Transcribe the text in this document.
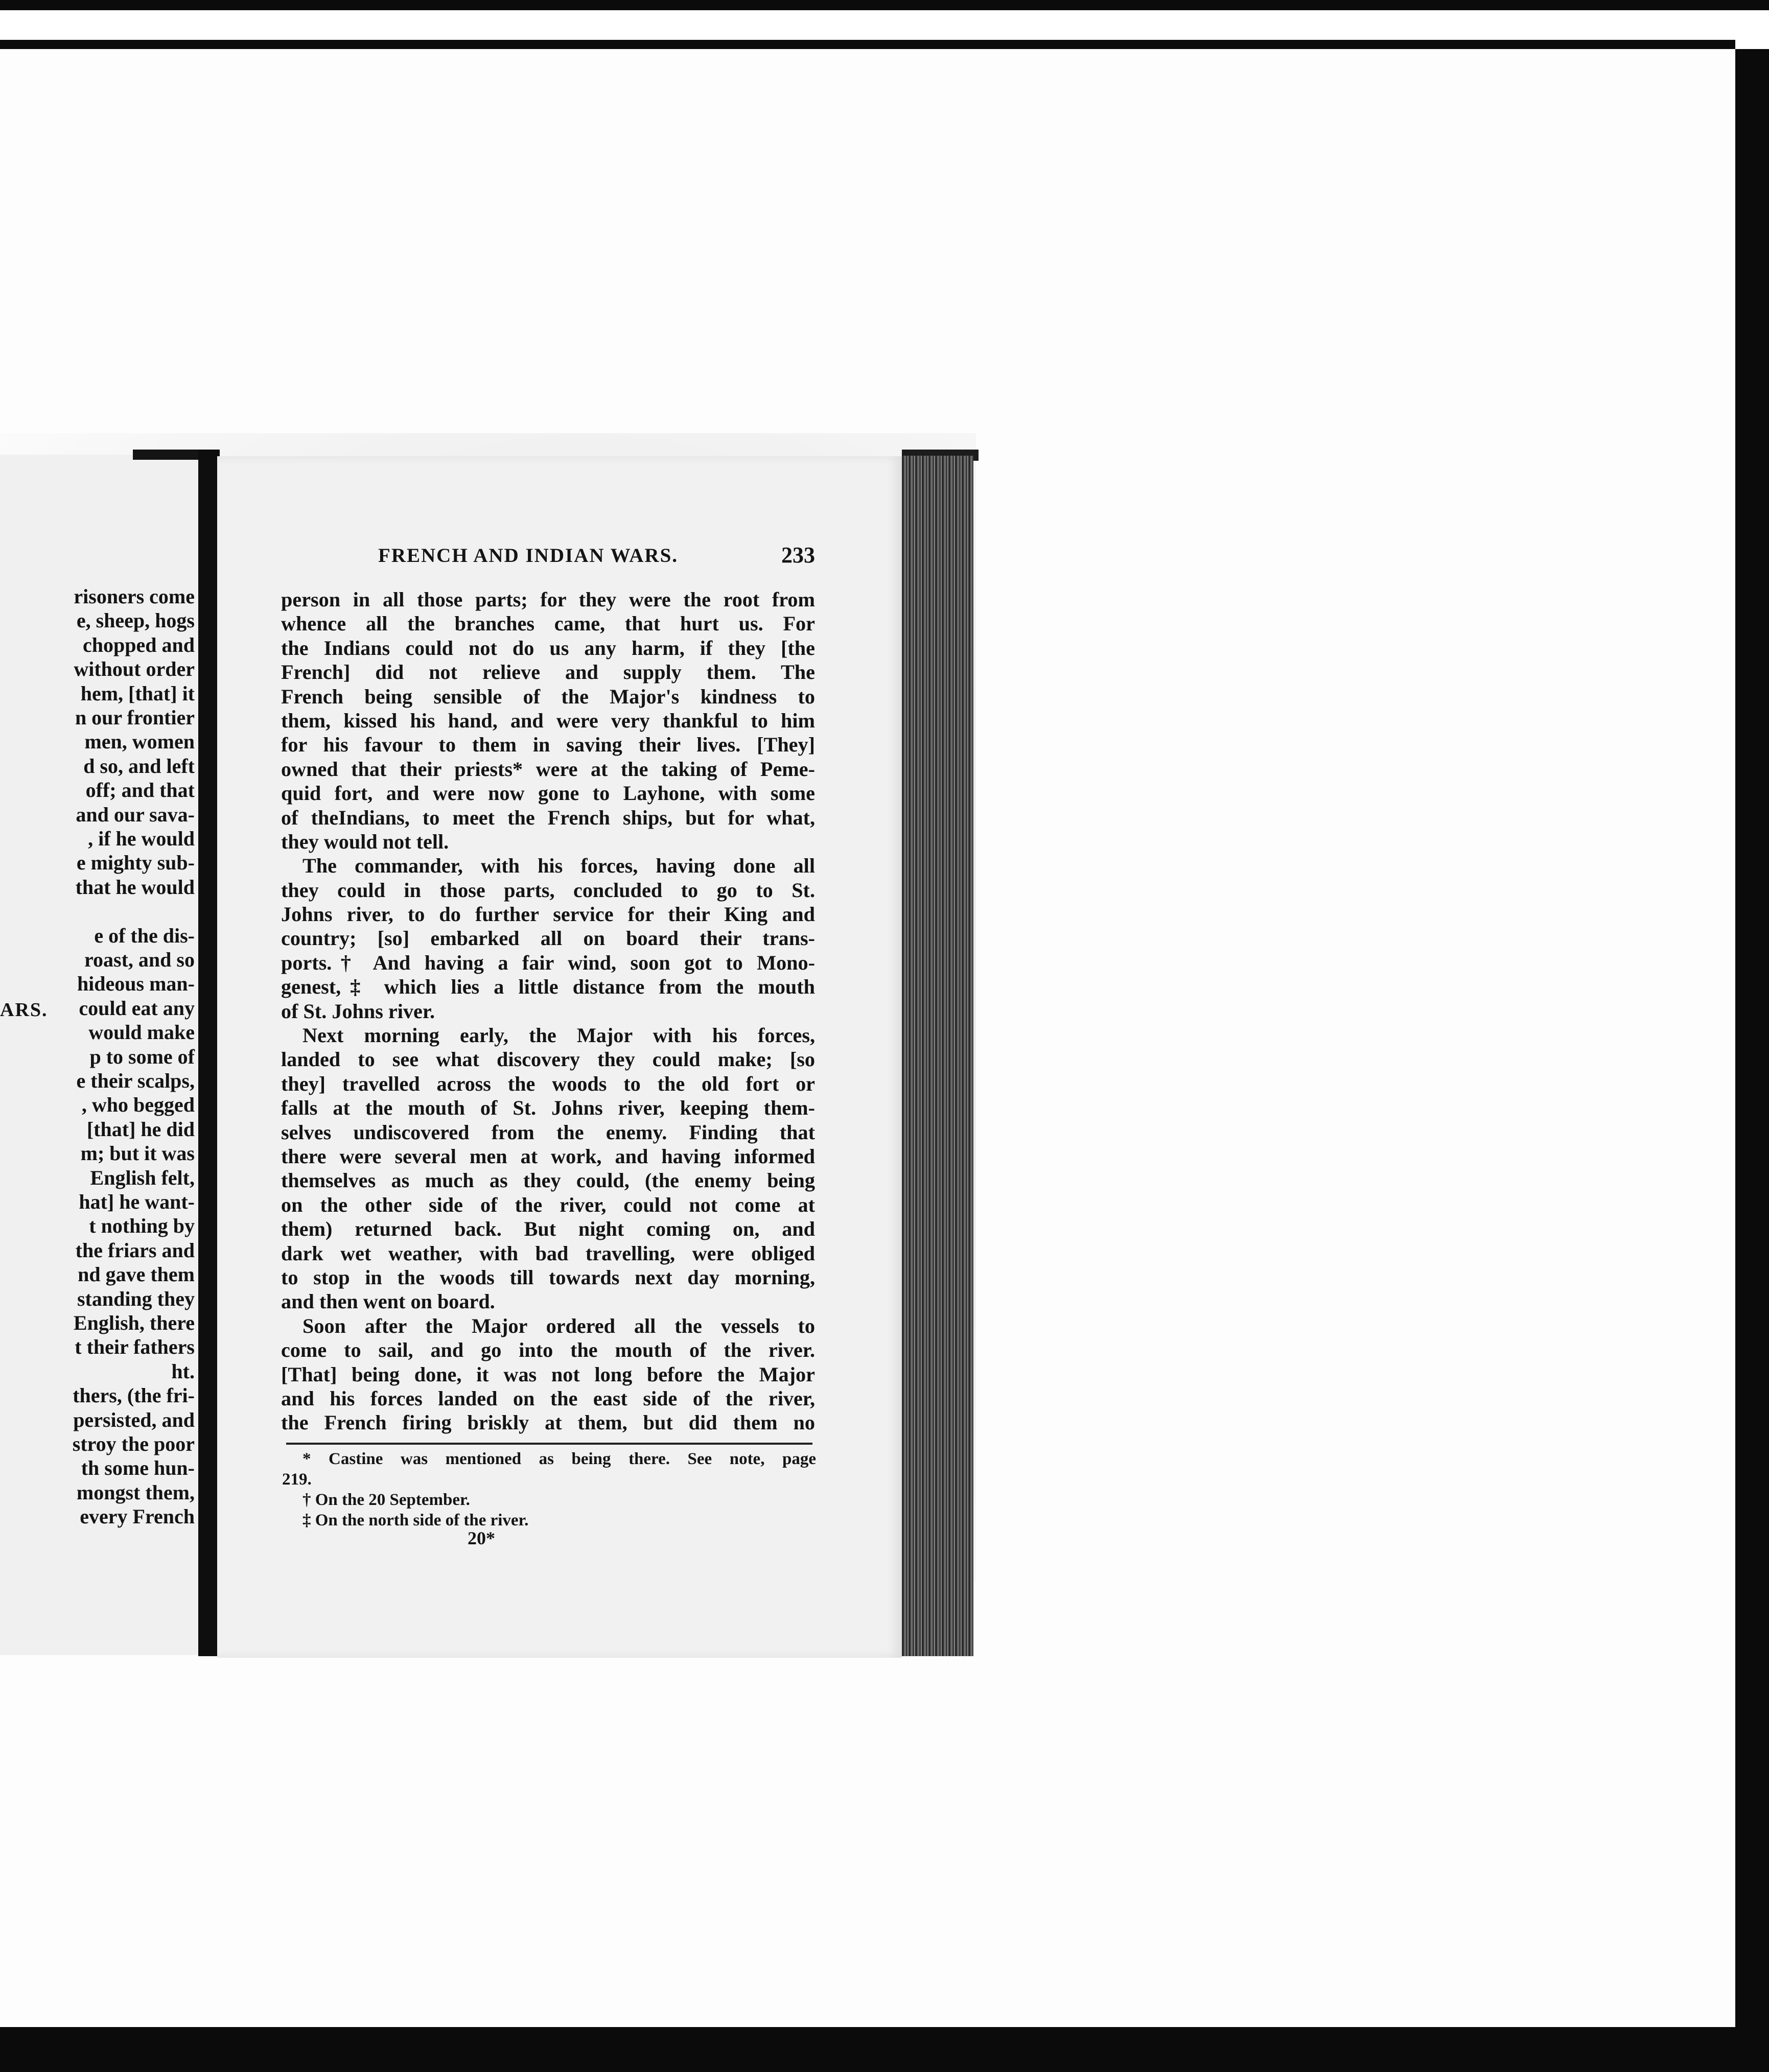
ARS.
risoners come
e, sheep, hogs
chopped and
without order
hem, [that] it
n our frontier
men, women
d so, and left
off; and that
and our sava-
, if he would
e mighty sub-
that he would
e of the dis-
roast, and so
hideous man-
could eat any
would make
p to some of
e their scalps,
, who begged
[that] he did
m; but it was
English felt,
hat] he want-
t nothing by
the friars and
nd gave them
standing they
English, there
t their fathers
ht.
thers, (the fri-
persisted, and
stroy the poor
th some hun-
mongst them,
every French
FRENCH AND INDIAN WARS.	233
person in all those parts; for they were the root from
whence all the branches came, that hurt us. For
the Indians could not do us any harm, if they [the
French] did not relieve and supply them. The
French being sensible of the Major's kindness to
them, kissed his hand, and were very thankful to him
for his favour to them in saving their lives. [They]
owned that their priests* were at the taking of Peme-
quid fort, and were now gone to Layhone, with some
of theIndians, to meet the French ships, but for what,
they would not tell.
The commander, with his forces, having done all
they could in those parts, concluded to go to St.
Johns river, to do further service for their King and
country; [so] embarked all on board their trans-
ports.† And having a fair wind, soon got to Mono-
genest,‡ which lies a little distance from the mouth
of St. Johns river.
Next morning early, the Major with his forces,
landed to see what discovery they could make; [so
they] travelled across the woods to the old fort or
falls at the mouth of St. Johns river, keeping them-
selves undiscovered from the enemy. Finding that
there were several men at work, and having informed
themselves as much as they could, (the enemy being
on the other side of the river, could not come at
them) returned back. But night coming on, and
dark wet weather, with bad travelling, were obliged
to stop in the woods till towards next day morning,
and then went on board.
Soon after the Major ordered all the vessels to
come to sail, and go into the mouth of the river.
[That] being done, it was not long before the Major
and his forces landed on the east side of the river,
the French firing briskly at them, but did them no
* Castine was mentioned as being there. See note, page
219.
† On the 20 September.
‡ On the north side of the river.
20*
